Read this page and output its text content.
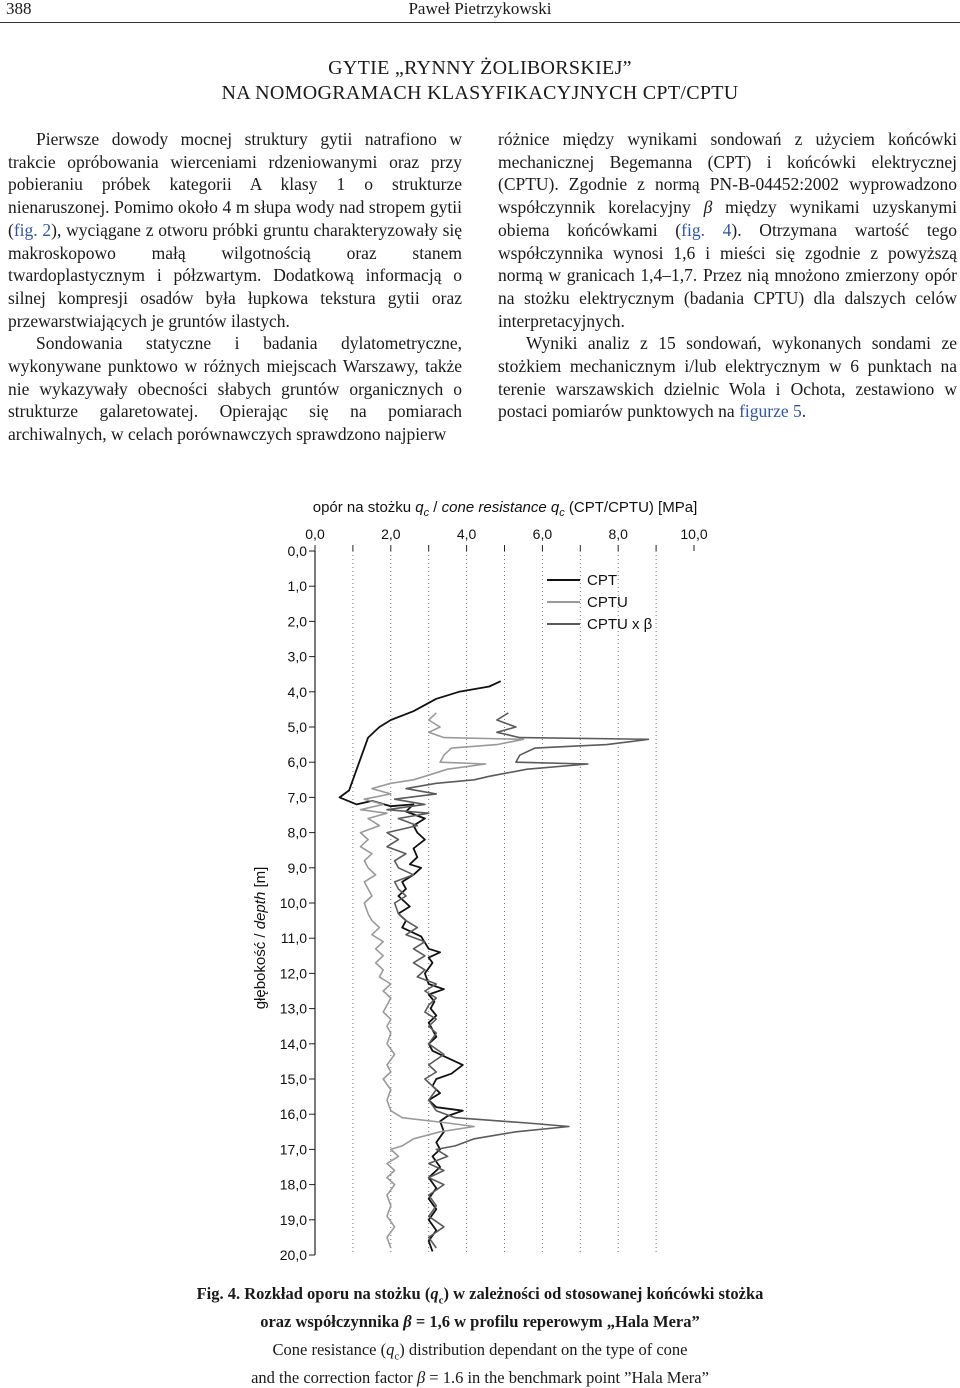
388	Paweł Pietrzykowski
GYTIE „RYNNY ŻOLIBORSKIEJ”
NA NOMOGRAMACH KLASYFIKACYJNYCH CPT/CPTU

Pierwsze dowody mocnej struktury gytii natrafiono w trakcie opróbowania wierceniami rdzeniowanymi oraz przy pobieraniu próbek kategorii A klasy 1 o strukturze nienaruszonej. Pomimo około 4 m słupa wody nad stropem gytii (fig. 2), wyciągane z otworu próbki gruntu charakteryzowały się makroskopowo małą wilgotnością oraz stanem twardoplastycznym i półzwartym. Dodatkową informacją o silnej kompresji osadów była łupkowa tekstura gytii oraz przewarstwiających je gruntów ilastych.

Sondowania statyczne i badania dylatometryczne, wykonywane punktowo w różnych miejscach Warszawy, także nie wykazywały obecności słabych gruntów organicznych o strukturze galaretowatej. Opierając się na pomiarach archiwalnych, w celach porównawczych sprawdzono najpierw

różnice między wynikami sondowań z użyciem końcówki mechanicznej Begemanna (CPT) i końcówki elektrycznej (CPTU). Zgodnie z normą PN-B-04452:2002 wyprowadzono współczynnik korelacyjny β między wynikami uzyskanymi obiema końcówkami (fig. 4). Otrzymana wartość tego współczynnika wynosi 1,6 i mieści się zgodnie z powyższą normą w granicach 1,4–1,7. Przez nią mnożono zmierzony opór na stożku elektrycznym (badania CPTU) dla dalszych celów interpretacyjnych.

Wyniki analiz z 15 sondowań, wykonanych sondami ze stożkiem mechanicznym i/lub elektrycznym w 6 punktach na terenie warszawskich dzielnic Wola i Ochota, zestawiono w postaci pomiarów punktowych na figurze 5.

opór na stożku $q_c$ / cone resistance $q_c$ (CPT/CPTU) [MPa]
głębokość / depth [m]
0,0	2,0	4,0	6,0	8,0	10,0
0,0
1,0
2,0
3,0
4,0
5,0
6,0
7,0
8,0
9,0
10,0
11,0
12,0
13,0
14,0
15,0
16,0
17,0
18,0
19,0
20,0
CPT
CPTU
CPTU x β
Fig. 4. Rozkład oporu na stożku $(q_c)$ w zależności od stosowanej końcówki stożka
oraz współczynnika β = 1,6 w profilu reperowym „Hala Mera”
Cone resistance $(q_c)$ distribution dependant on the type of cone
and the correction factor β = 1.6 in the benchmark point ”Hala Mera”
